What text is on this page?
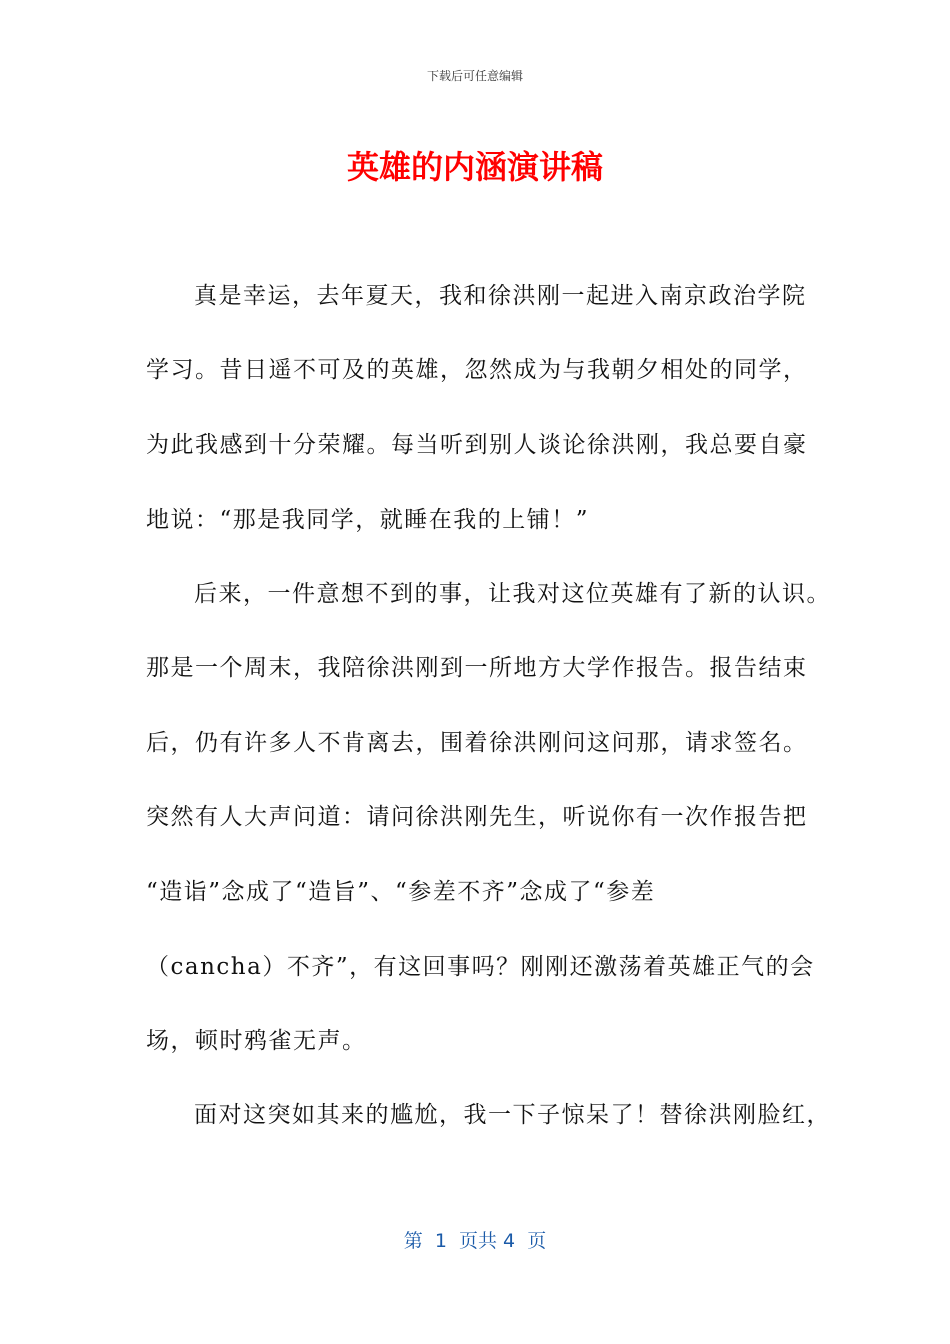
下载后可任意编辑
英雄的内涵演讲稿
真是幸运，去年夏天，我和徐洪刚一起进入南京政治学院
学习。昔日遥不可及的英雄，忽然成为与我朝夕相处的同学，
为此我感到十分荣耀。每当听到别人谈论徐洪刚，我总要自豪
地说：“那是我同学，就睡在我的上铺！”
后来，一件意想不到的事，让我对这位英雄有了新的认识。
那是一个周末，我陪徐洪刚到一所地方大学作报告。报告结束
后，仍有许多人不肯离去，围着徐洪刚问这问那，请求签名。
突然有人大声问道：请问徐洪刚先生，听说你有一次作报告把
“造诣”念成了“造旨”、“参差不齐”念成了“参差
（cancha）不齐”，有这回事吗？刚刚还激荡着英雄正气的会
场，顿时鸦雀无声。
面对这突如其来的尴尬，我一下子惊呆了！替徐洪刚脸红，
第  1  页共 4  页
